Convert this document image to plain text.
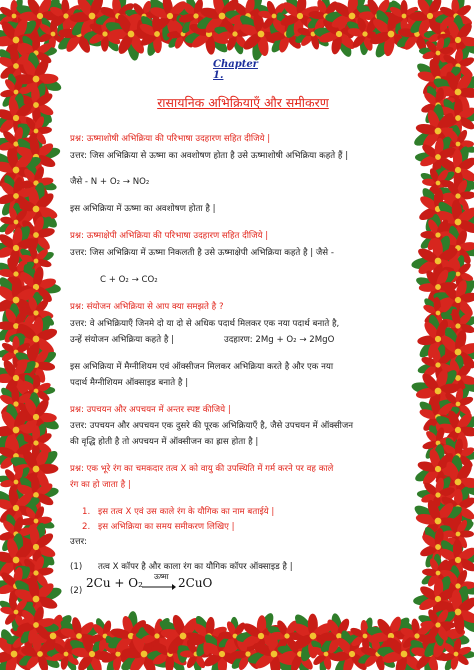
Chapter 1.
रासायनिक अभिक्रियाएँ और समीकरण
प्रश्न: ऊष्माशोषी अभिक्रिया की परिभाषा उदहारण सहित दीजिये |
उत्तर: जिस अभिक्रिया से ऊष्मा का अवशोषण होता है उसे ऊष्माशोषी अभिक्रिया कहते हैं |
जैसे - N + O₂ → NO₂
इस अभिक्रिया में ऊष्मा का अवशोषण होता है |
प्रश्न: ऊष्माक्षेपी अभिक्रिया की परिभाषा उदहारण सहित दीजिये |
उत्तर: जिस अभिक्रिया में ऊष्मा निकलती है उसे ऊष्माक्षेपी अभिक्रिया कहते है | जैसे -
C + O₂ → CO₂
प्रश्न: संयोजन अभिक्रिया से आप क्या समझते है ?
उत्तर: वे अभिक्रियाएँ जिनमे दो या दो से अधिक पदार्थ मिलकर एक नया पदार्थ बनाते है,
उन्हें संयोजन अभिक्रिया कहते है |	उदहारण: 2Mg + O₂ → 2MgO
इस अभिक्रिया में मैग्नीशियम एवं ऑक्सीजन मिलकर अभिक्रिया करते है और एक नया
पदार्थ मैग्नीशियम ऑक्साइड बनाते है |
प्रश्न: उपचयन और अपचयन में अन्तर स्पष्ट कीजिये |
उत्तर: उपचयन और अपचयन एक दुसरे की पूरक अभिक्रियाएँ है, जैसे उपचयन में ऑक्सीजन
की वृद्धि होती है तो अपचयन में ऑक्सीजन का ह्रास होता है |
प्रश्न: एक भूरे रंग का चमकदार तत्व X को वायु की उपस्थिति में गर्म करने पर वह काले
रंग का हो जाता है |
1. इस तत्व X एवं उस काले रंग के यौगिक का नाम बताईये |
2. इस अभिक्रिया का समय समीकरण लिखिए |
उत्तर:
(1) तत्व X कॉपर है और काला रंग का यौगिक कॉपर ऑक्साइड है |
(2)
2Cu + O₂ ऊष्मा 2CuO
